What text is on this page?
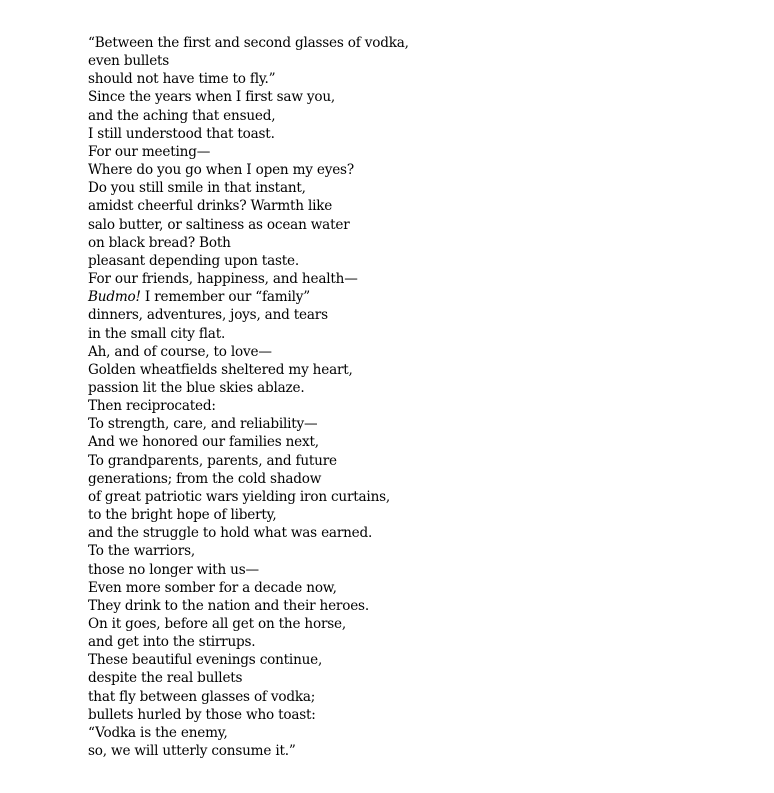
“Between the first and second glasses of vodka,
even bullets
should not have time to fly.”
Since the years when I first saw you,
and the aching that ensued,
I still understood that toast.
For our meeting—
Where do you go when I open my eyes?
Do you still smile in that instant,
amidst cheerful drinks? Warmth like
salo butter, or saltiness as ocean water
on black bread? Both
pleasant depending upon taste.
For our friends, happiness, and health—
Budmo! I remember our “family”
dinners, adventures, joys, and tears
in the small city flat.
Ah, and of course, to love—
Golden wheatfields sheltered my heart,
passion lit the blue skies ablaze.
Then reciprocated:
To strength, care, and reliability—
And we honored our families next,
To grandparents, parents, and future
generations; from the cold shadow
of great patriotic wars yielding iron curtains,
to the bright hope of liberty,
and the struggle to hold what was earned.
To the warriors,
those no longer with us—
Even more somber for a decade now,
They drink to the nation and their heroes.
On it goes, before all get on the horse,
and get into the stirrups.
These beautiful evenings continue,
despite the real bullets
that fly between glasses of vodka;
bullets hurled by those who toast:
“Vodka is the enemy,
so, we will utterly consume it.”
